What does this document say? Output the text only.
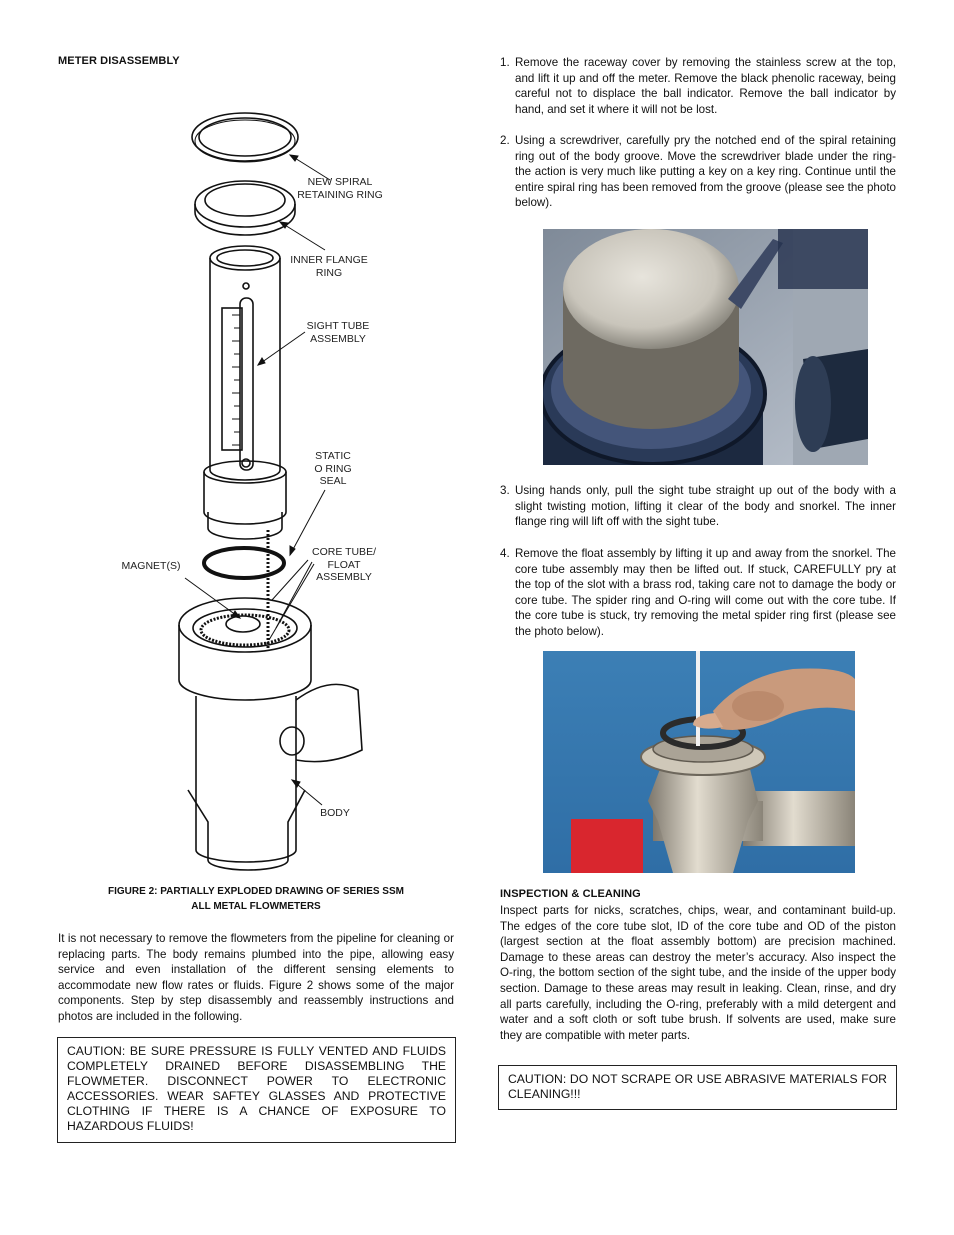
METER DISASSEMBLY
NEW SPIRAL
RETAINING RING
INNER FLANGE
RING
SIGHT TUBE
ASSEMBLY
STATIC
O RING
SEAL
CORE TUBE/
FLOAT
ASSEMBLY
MAGNET(S)
BODY
FIGURE 2: PARTIALLY EXPLODED DRAWING OF SERIES SSM
ALL METAL FLOWMETERS
It is not necessary to remove the flowmeters from the pipeline for cleaning or replacing parts. The body remains plumbed into the pipe, allowing easy service and even installation of the different sensing elements to accommodate new flow rates or fluids. Figure 2 shows some of the major components. Step by step disassembly and reassembly instructions and photos are included in the following.
CAUTION: BE SURE PRESSURE IS FULLY VENTED AND FLUIDS COMPLETELY DRAINED BEFORE DISASSEMBLING THE FLOWMETER. DISCONNECT POWER TO ELECTRONIC ACCESSORIES. WEAR SAFTEY GLASSES AND PROTECTIVE CLOTHING IF THERE IS A CHANCE OF EXPOSURE TO HAZARDOUS FLUIDS!
1. Remove the raceway cover by removing the stainless screw at the top, and lift it up and off the meter. Remove the black phenolic raceway, being careful not to displace the ball indicator. Remove the ball indicator by hand, and set it where it will not be lost.
2. Using a screwdriver, carefully pry the notched end of the spiral retaining ring out of the body groove. Move the screwdriver blade under the ring- the action is very much like putting a key on a key ring. Continue until the entire spiral ring has been removed from the groove (please see the photo below).
3. Using hands only, pull the sight tube straight up out of the body with a slight twisting motion, lifting it clear of the body and snorkel. The inner flange ring will lift off with the sight tube.
4. Remove the float assembly by lifting it up and away from the snorkel. The core tube assembly may then be lifted out. If stuck, CAREFULLY pry at the top of the slot with a brass rod, taking care not to damage the body or core tube. The spider ring and O-ring will come out with the core tube. If the core tube is stuck, try removing the metal spider ring first (please see the photo below).
INSPECTION & CLEANING
Inspect parts for nicks, scratches, chips, wear, and contaminant build-up. The edges of the core tube slot, ID of the core tube and OD of the piston (largest section at the float assembly bottom) are precision machined. Damage to these areas can destroy the meter’s accuracy. Also inspect the O-ring, the bottom section of the sight tube, and the inside of the upper body section. Damage to these areas may result in leaking. Clean, rinse, and dry all parts carefully, including the O-ring, preferably with a mild detergent and water and a soft cloth or soft tube brush. If solvents are used, make sure they are compatible with meter parts.
CAUTION: DO NOT SCRAPE OR USE ABRASIVE MATERIALS FOR CLEANING!!!
